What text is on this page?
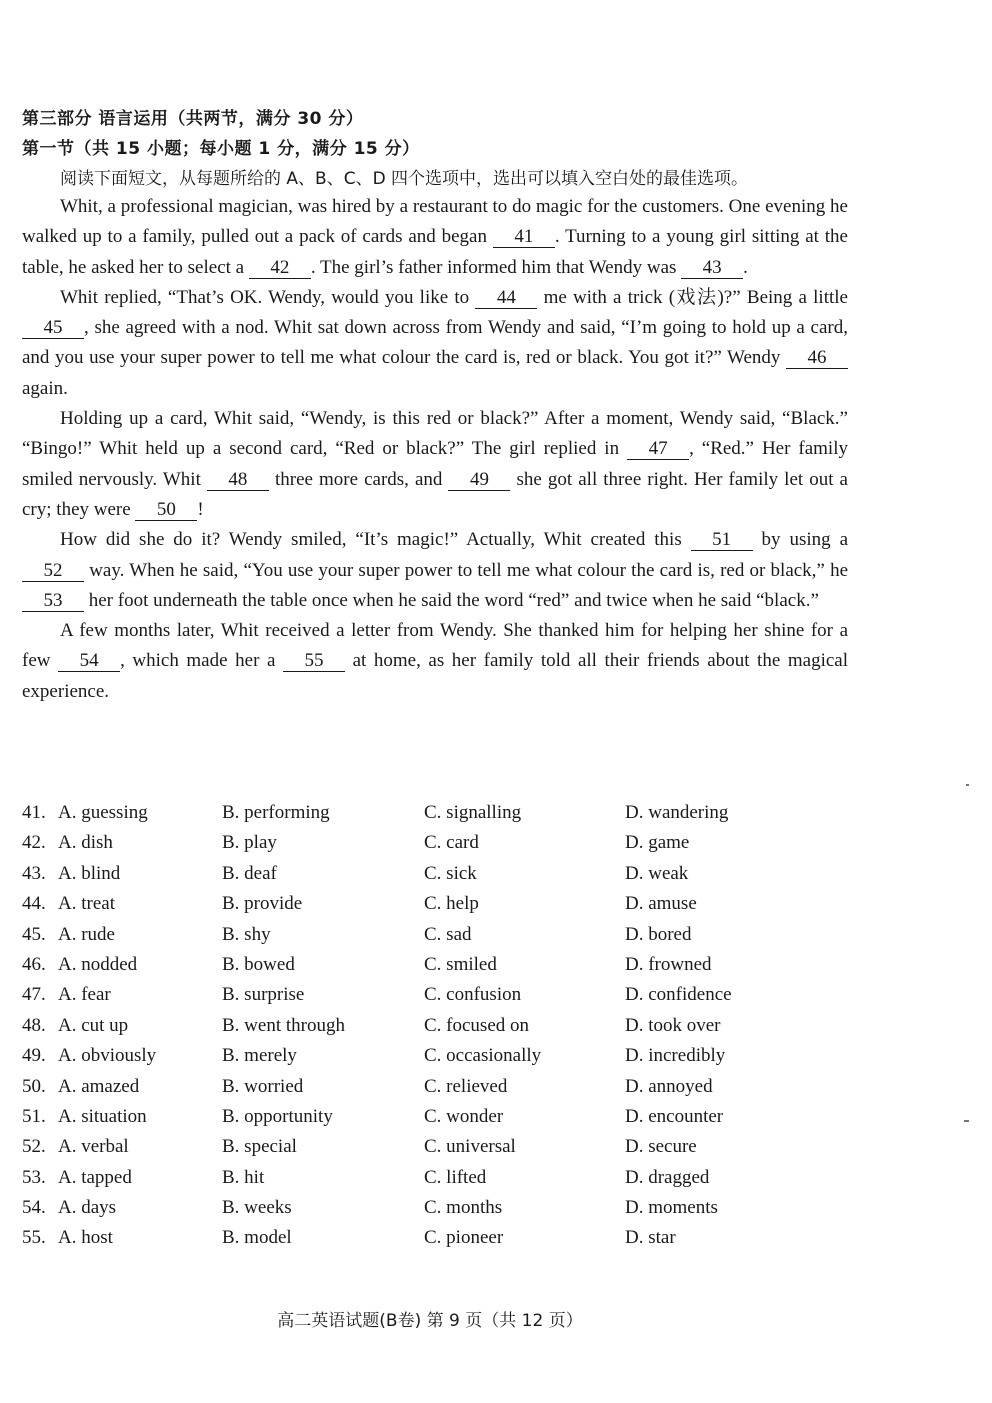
第三部分 语言运用（共两节，满分 30 分）
第一节（共 15 小题；每小题 1 分，满分 15 分）
阅读下面短文，从每题所给的 A、B、C、D 四个选项中，选出可以填入空白处的最佳选项。

Whit, a professional magician, was hired by a restaurant to do magic for the customers. One evening he walked up to a family, pulled out a pack of cards and began 41 . Turning to a young girl sitting at the table, he asked her to select a 42 . The girl’s father informed him that Wendy was 43 .

Whit replied, “That’s OK. Wendy, would you like to 44 me with a trick (戏法)?” Being a little 45 , she agreed with a nod. Whit sat down across from Wendy and said, “I’m going to hold up a card, and you use your super power to tell me what colour the card is, red or black. You got it?” Wendy 46 again.

Holding up a card, Whit said, “Wendy, is this red or black?” After a moment, Wendy said, “Black.” “Bingo!” Whit held up a second card, “Red or black?” The girl replied in 47 , “Red.” Her family smiled nervously. Whit 48 three more cards, and 49 she got all three right. Her family let out a cry; they were 50 !

How did she do it? Wendy smiled, “It’s magic!” Actually, Whit created this 51 by using a 52 way. When he said, “You use your super power to tell me what colour the card is, red or black,” he 53 her foot underneath the table once when he said the word “red” and twice when he said “black.”

A few months later, Whit received a letter from Wendy. She thanked him for helping her shine for a few 54 , which made her a 55 at home, as her family told all their friends about the magical experience.

41. A. guessing	B. performing	C. signalling	D. wandering
42. A. dish	B. play	C. card	D. game
43. A. blind	B. deaf	C. sick	D. weak
44. A. treat	B. provide	C. help	D. amuse
45. A. rude	B. shy	C. sad	D. bored
46. A. nodded	B. bowed	C. smiled	D. frowned
47. A. fear	B. surprise	C. confusion	D. confidence
48. A. cut up	B. went through	C. focused on	D. took over
49. A. obviously	B. merely	C. occasionally	D. incredibly
50. A. amazed	B. worried	C. relieved	D. annoyed
51. A. situation	B. opportunity	C. wonder	D. encounter
52. A. verbal	B. special	C. universal	D. secure
53. A. tapped	B. hit	C. lifted	D. dragged
54. A. days	B. weeks	C. months	D. moments
55. A. host	B. model	C. pioneer	D. star
高二英语试题(B卷) 第 9 页（共 12 页）
